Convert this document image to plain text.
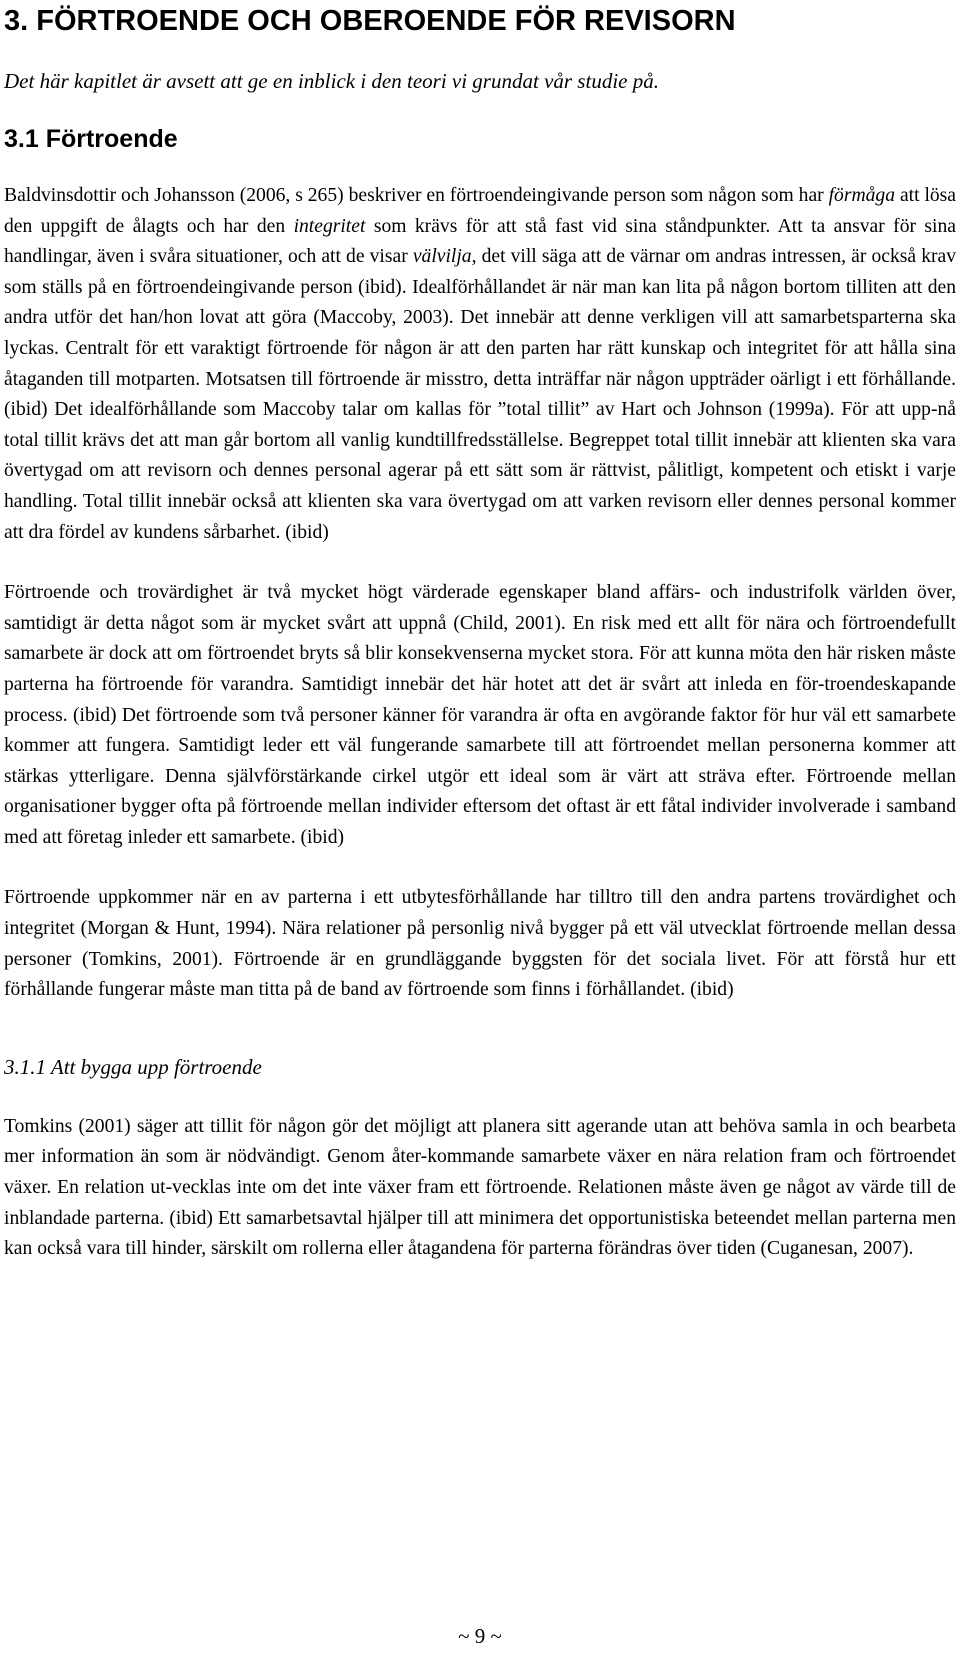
3. FÖRTROENDE OCH OBEROENDE FÖR REVISORN

Det här kapitlet är avsett att ge en inblick i den teori vi grundat vår studie på.

3.1 Förtroende

Baldvinsdottir och Johansson (2006, s 265) beskriver en förtroendeingivande person som någon som har förmåga att lösa den uppgift de ålagts och har den integritet som krävs för att stå fast vid sina ståndpunkter. Att ta ansvar för sina handlingar, även i svåra situationer, och att de visar välvilja, det vill säga att de värnar om andras intressen, är också krav som ställs på en förtroendeingivande person (ibid). Idealförhållandet är när man kan lita på någon bortom tilliten att den andra utför det han/hon lovat att göra (Maccoby, 2003). Det innebär att denne verkligen vill att samarbetsparterna ska lyckas. Centralt för ett varaktigt förtroende för någon är att den parten har rätt kunskap och integritet för att hålla sina åtaganden till motparten. Motsatsen till förtroende är misstro, detta inträffar när någon uppträder oärligt i ett förhållande. (ibid) Det idealförhållande som Maccoby talar om kallas för ”total tillit” av Hart och Johnson (1999a). För att upp-nå total tillit krävs det att man går bortom all vanlig kundtillfredsställelse. Begreppet total tillit innebär att klienten ska vara övertygad om att revisorn och dennes personal agerar på ett sätt som är rättvist, pålitligt, kompetent och etiskt i varje handling. Total tillit innebär också att klienten ska vara övertygad om att varken revisorn eller dennes personal kommer att dra fördel av kundens sårbarhet. (ibid)

Förtroende och trovärdighet är två mycket högt värderade egenskaper bland affärs- och industrifolk världen över, samtidigt är detta något som är mycket svårt att uppnå (Child, 2001). En risk med ett allt för nära och förtroendefullt samarbete är dock att om förtroendet bryts så blir konsekvenserna mycket stora. För att kunna möta den här risken måste parterna ha förtroende för varandra. Samtidigt innebär det här hotet att det är svårt att inleda en för-troendeskapande process. (ibid) Det förtroende som två personer känner för varandra är ofta en avgörande faktor för hur väl ett samarbete kommer att fungera. Samtidigt leder ett väl fungerande samarbete till att förtroendet mellan personerna kommer att stärkas ytterligare. Denna självförstärkande cirkel utgör ett ideal som är värt att sträva efter. Förtroende mellan organisationer bygger ofta på förtroende mellan individer eftersom det oftast är ett fåtal individer involverade i samband med att företag inleder ett samarbete. (ibid)

Förtroende uppkommer när en av parterna i ett utbytesförhållande har tilltro till den andra partens trovärdighet och integritet (Morgan & Hunt, 1994). Nära relationer på personlig nivå bygger på ett väl utvecklat förtroende mellan dessa personer (Tomkins, 2001). Förtroende är en grundläggande byggsten för det sociala livet. För att förstå hur ett förhållande fungerar måste man titta på de band av förtroende som finns i förhållandet. (ibid)

3.1.1 Att bygga upp förtroende

Tomkins (2001) säger att tillit för någon gör det möjligt att planera sitt agerande utan att behöva samla in och bearbeta mer information än som är nödvändigt. Genom åter-kommande samarbete växer en nära relation fram och förtroendet växer. En relation ut-vecklas inte om det inte växer fram ett förtroende. Relationen måste även ge något av värde till de inblandade parterna. (ibid) Ett samarbetsavtal hjälper till att minimera det opportunistiska beteendet mellan parterna men kan också vara till hinder, särskilt om rollerna eller åtagandena för parterna förändras över tiden (Cuganesan, 2007).

~ 9 ~
